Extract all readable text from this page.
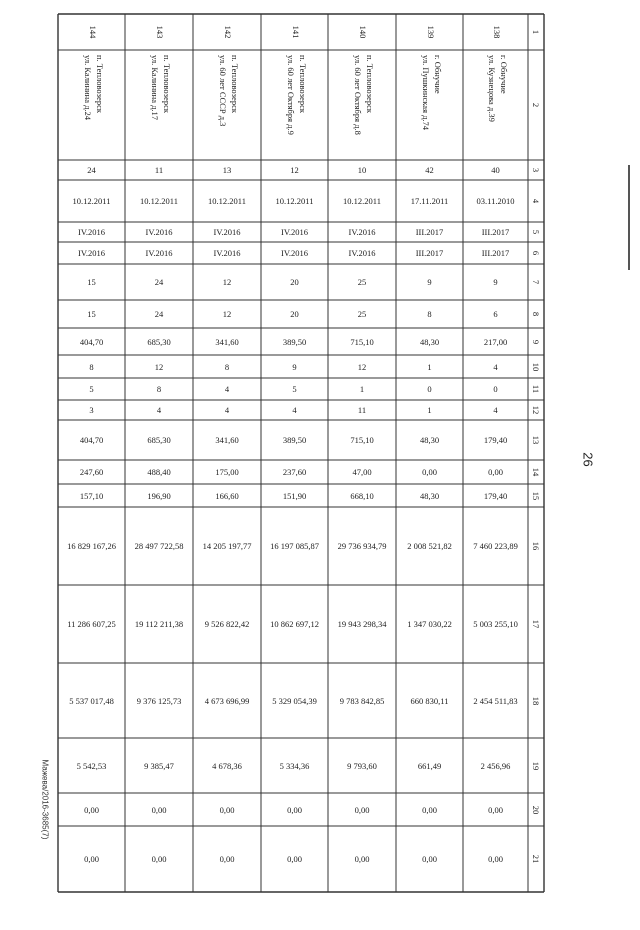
1
2
3
4
5
6
7
8
9
10
11
12
13
14
15
16
17
18
19
20
21
138
г. Обнучие
ул. Кузнецова д.39
40
03.11.2010
III.2017
III.2017
9
6
217,00
4
0
4
179,40
0,00
179,40
7 460 223,89
5 003 255,10
2 454 511,83
2 456,96
0,00
0,00
139
г. Обнучие
ул. Пушкинская д.74
42
17.11.2011
III.2017
III.2017
9
8
48,30
1
0
1
48,30
0,00
48,30
2 008 521,82
1 347 030,22
660 830,11
661,49
0,00
0,00
140
п. Тепловозерск
ул. 60 лет Октября д.8
10
10.12.2011
IV.2016
IV.2016
25
25
715,10
12
1
11
715,10
47,00
668,10
29 736 934,79
19 943 298,34
9 783 842,85
9 793,60
0,00
0,00
141
п. Тепловозерск
ул. 60 лет Октября д.9
12
10.12.2011
IV.2016
IV.2016
20
20
389,50
9
5
4
389,50
237,60
151,90
16 197 085,87
10 862 697,12
5 329 054,39
5 334,36
0,00
0,00
142
п. Тепловозерск
ул. 60 лет СССР д.3
13
10.12.2011
IV.2016
IV.2016
12
12
341,60
8
4
4
341,60
175,00
166,60
14 205 197,77
9 526 822,42
4 673 696,99
4 678,36
0,00
0,00
143
п. Тепловозерск
ул. Калинина д.17
11
10.12.2011
IV.2016
IV.2016
24
24
685,30
12
8
4
685,30
488,40
196,90
28 497 722,58
19 112 211,38
9 376 125,73
9 385,47
0,00
0,00
144
п. Тепловозерск
ул. Калинина д.24
24
10.12.2011
IV.2016
IV.2016
15
15
404,70
8
5
3
404,70
247,60
157,10
16 829 167,26
11 286 607,25
5 537 017,48
5 542,53
0,00
0,00
26
Мажева/2016-3685(7)
